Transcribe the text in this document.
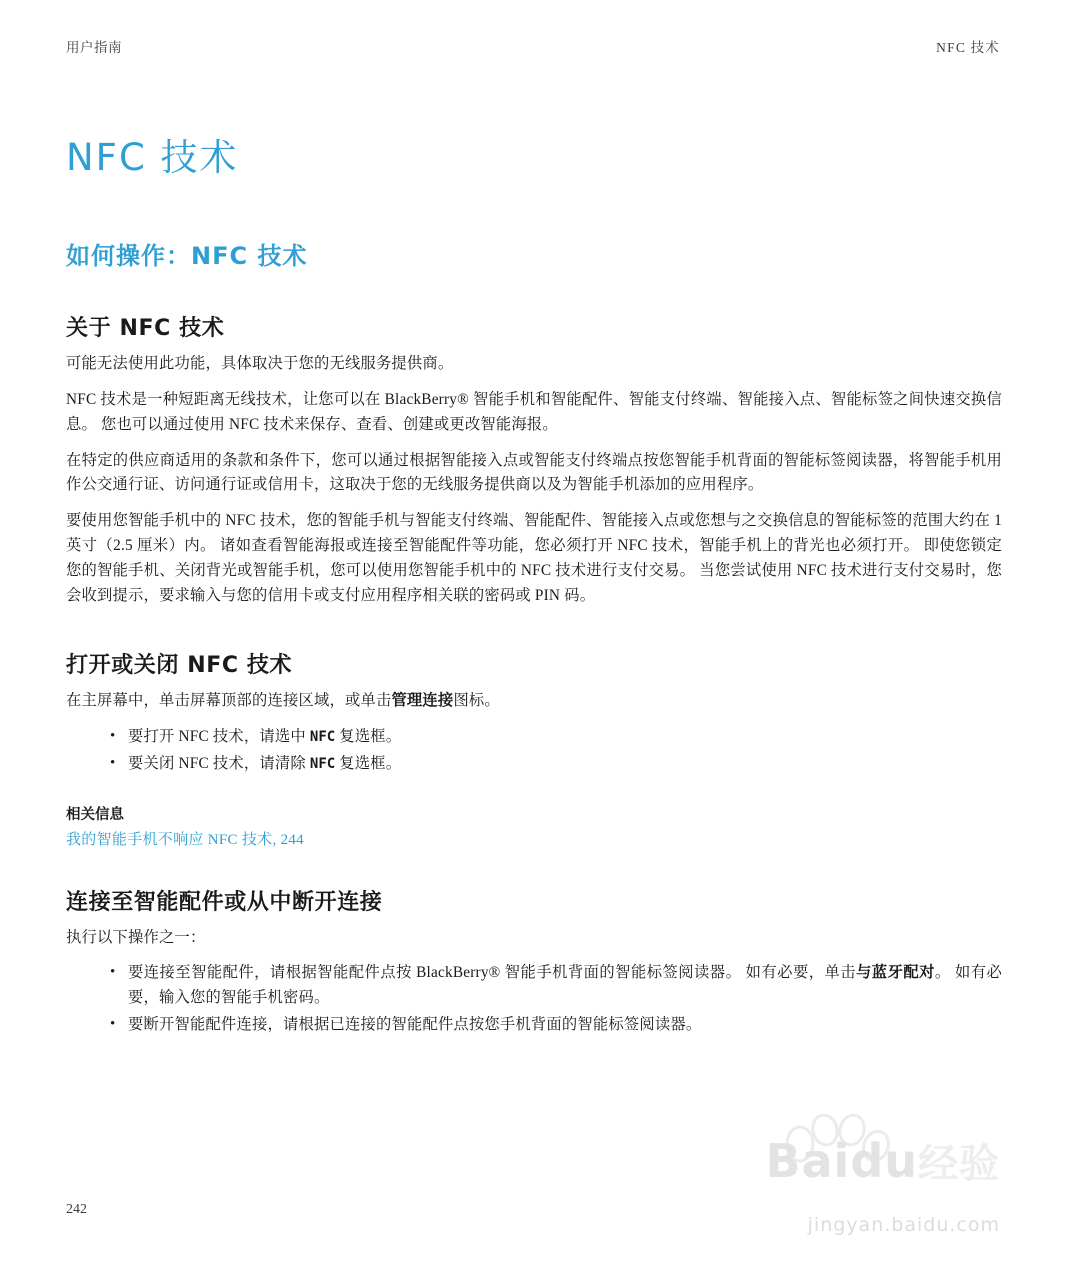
用户指南	NFC 技术
NFC 技术
如何操作：NFC 技术
关于 NFC 技术

可能无法使用此功能，具体取决于您的无线服务提供商。

NFC 技术是一种短距离无线技术，让您可以在 BlackBerry® 智能手机和智能配件、智能支付终端、智能接入点、智能标签之间快速交换信息。 您也可以通过使用 NFC 技术来保存、查看、创建或更改智能海报。

在特定的供应商适用的条款和条件下，您可以通过根据智能接入点或智能支付终端点按您智能手机背面的智能标签阅读器，将智能手机用作公交通行证、访问通行证或信用卡，这取决于您的无线服务提供商以及为智能手机添加的应用程序。

要使用您智能手机中的 NFC 技术，您的智能手机与智能支付终端、智能配件、智能接入点或您想与之交换信息的智能标签的范围大约在 1 英寸（2.5 厘米）内。 诸如查看智能海报或连接至智能配件等功能，您必须打开 NFC 技术，智能手机上的背光也必须打开。 即使您锁定您的智能手机、关闭背光或智能手机，您可以使用您智能手机中的 NFC 技术进行支付交易。 当您尝试使用 NFC 技术进行支付交易时，您会收到提示，要求输入与您的信用卡或支付应用程序相关联的密码或 PIN 码。

打开或关闭 NFC 技术

在主屏幕中，单击屏幕顶部的连接区域，或单击管理连接图标。

• 要打开 NFC 技术，请选中 NFC 复选框。
• 要关闭 NFC 技术，请清除 NFC 复选框。
相关信息
我的智能手机不响应 NFC 技术, 244
连接至智能配件或从中断开连接

执行以下操作之一：

• 要连接至智能配件，请根据智能配件点按 BlackBerry® 智能手机背面的智能标签阅读器。 如有必要，单击与蓝牙配对。 如有必要，输入您的智能手机密码。
• 要断开智能配件连接，请根据已连接的智能配件点按您手机背面的智能标签阅读器。
242
Baidu经验
jingyan.baidu.com
